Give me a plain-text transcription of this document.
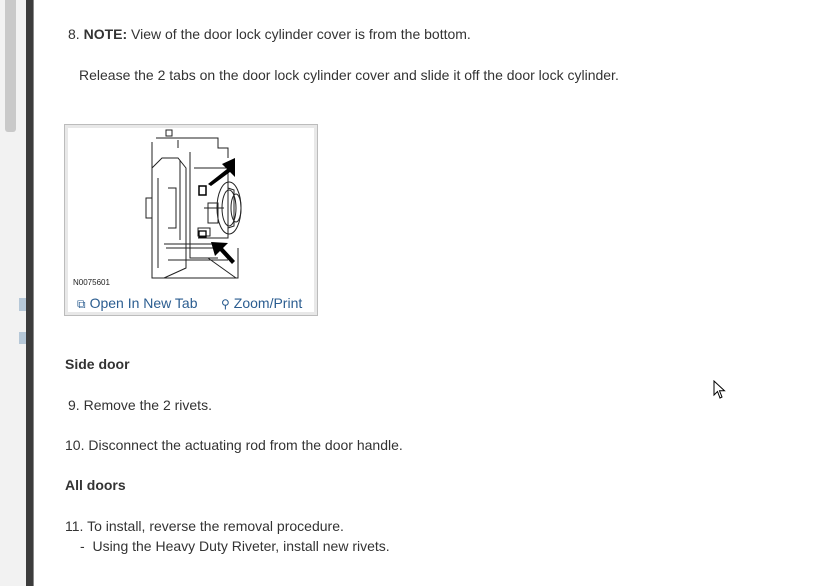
8. NOTE: View of the door lock cylinder cover is from the bottom.
Release the 2 tabs on the door lock cylinder cover and slide it off the door lock cylinder.
N0075601
⧉ Open In New Tab ⚲ Zoom/Print
Side door
9. Remove the 2 rivets.
10. Disconnect the actuating rod from the door handle.
All doors
11. To install, reverse the removal procedure.
- Using the Heavy Duty Riveter, install new rivets.
